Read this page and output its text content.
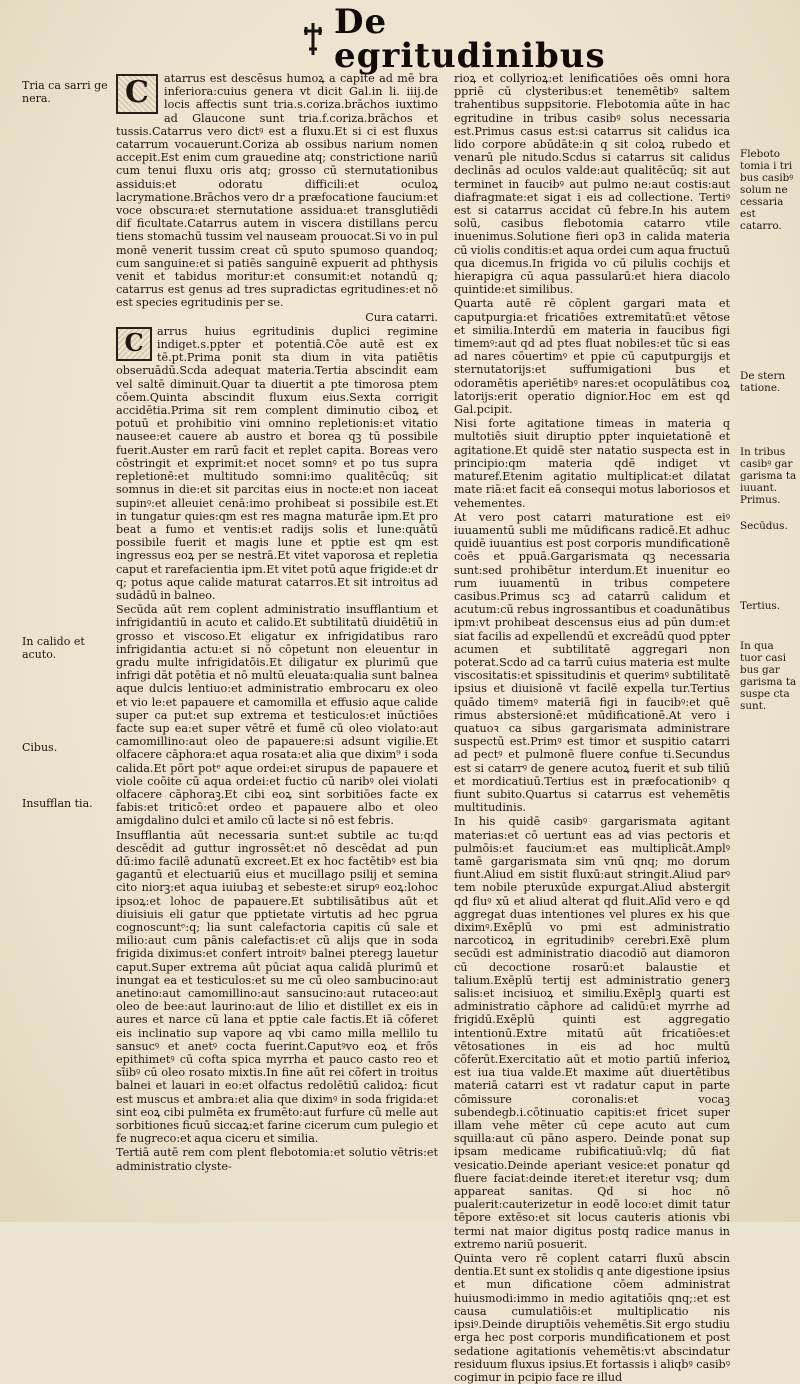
De egritudinibus
Tria ca sarri ge nera.
In calido et acuto.
Cibus.
Insufflan tia.
Fleboto tomia i tri bus casibꝰ solum ne cessaria est catarro.
De stern tatione.
In tribus casibꝰ gar garisma ta iuuant. Primus.
Secūdus.
Tertius.
In qua tuor casi bus gar garisma ta suspe cta sunt.
C	atarrus est descēsus humoꝝ a capite ad mē bra inferiora:cuius genera vt dicit Gal.in li. iiij.de locis affectis sunt tria.s.coriza.brāchos iuxtimo ad Glaucone sunt tria.f.coriza.brāchos et tussis.Catarrus vero dictꝰ est a fluxu.Et si ci est fluxus catarrum vocauerunt.Coriza ab ossibus narium nomen accepit.Est enim cum grauedine atq; constrictione nariū cum tenui fluxu oris atq; grosso cū sternutationibus assiduis:et odoratu difficili:et oculoꝝ lacrymatione.Brāchos vero dr a præfocatione faucium:et voce obscura:et sternutatione assidua:et transglutiēdi dif ficultate.Catarrus autem in viscera distillans percu tiens stomachū tussim vel nauseam prouocat.Si vo in pul monē venerit tussim creat cū sputo spumoso quandoq; cum sanguine:et si patiēs sanguinē expuerit ad phthysis venit et tabidus moritur:et consumit:et notandū q; catarrus est genus ad tres supradictas egritudines:et nō est species egritudinis per se.

Cura catarri.

C	arrus huius egritudinis duplici regimine indiget.s.ppter et potentiā.Cōe autē est ex tē.pt.Prima ponit sta dium in vita patiētis obseruādū.Scda adequat materia.Tertia abscindit eam vel saltē diminuit.Quar ta diuertit a pte timorosa ptem cōem.Quinta abscindit fluxum eius.Sexta corrigit accidētia.Prima sit rem complent diminutio ciboꝝ et potuū et prohibitio vini omnino repletionis:et vitatio nausee:et cauere ab austro et borea qꝫ tū possibile fuerit.Auster em rarū facit et replet capita. Boreas vero cōstringit et exprimit:et nocet somnꝰ et po tus supra repletionē:et multitudo somni:imo qualitēcūq; sit somnus in die:et sit parcitas eius in nocte:et non iaceat supinꝰ:et alleuiet cenā:imo prohibeat si possibile est.Et in tungatur quies:qm est res magna maturāe ipm.Et pro beat a fumo et ventis:et radijs solis et lune:quātū possibile fuerit et magis lune et pptie est qm est ingressus eoꝝ per se nestrā.Et vitet vaporosa et repletia caput et rarefacientia ipm.Et vitet potū aque frigide:et dr q; potus aque calide maturat catarros.Et sit introitus ad sudādū in balneo.

Secūda aūt rem coplent administratio insufflantium et infrigidantiū in acuto et calido.Et subtilitatū diuidētiū in grosso et viscoso.Et eligatur ex infrigidatibus raro infrigidantia actu:et si nō cōpetunt non eleuentur in gradu multe infrigidatōis.Et diligatur ex plurimū que infrigi dāt potētia et nō multū eleuata:qualia sunt balnea aque dulcis lentiuo:et administratio embrocaru ex oleo et vio le:et papauere et camomilla et effusio aque calide super ca put:et sup extrema et testiculos:et inūctiōes facte sup ea:et super vētrē et fumē cū oleo violato:aut camomillino:aut oleo de papauere:si adsunt vigilie.Et olfacere cāphora:et aqua rosata:et alia que dixim⁹ i soda calida.Et pōrt potᵉ aque ordei:et sirupus de papauere et viole coōite cū aqua ordei:et fuctio cū naribꝰ olei violati olfacere cāphoraꝫ.Et cibi eoꝝ sint sorbitiōes facte ex fabis:et triticō:et ordeo et papauere albo et oleo amigdalino dulci et amilo cū lacte si nō est febris.

Insufflantia aūt necessaria sunt:et subtile ac tu:qd descēdit ad guttur ingrossēt:et nō descēdat ad pun dū:imo facilē adunatū excreet.Et ex hoc factētibꝰ est bia gagantū et electuariū eius et mucillago psilij et semina cito niorꝫ:et aqua iuiubaꝫ et sebeste:et sirupꝰ eoꝝ:lohoc ipsoꝝ:et lohoc de papauere.Et subtilisātibus aūt et diuisiuis eli gatur que pptietate virtutis ad hec pgrua cognoscuntᵉ:q; lia sunt calefactoria capitis cū sale et milio:aut cum pānis calefactis:et cū alijs que in soda frigida diximus:et confert introitꝰ balnei pteregꝫ lauetur caput.Super extrema aūt pūciat aqua calidā plurimū et inungat ea et testiculos:et su me cū oleo sambucino:aut anetino:aut camomillino:aut sansucino:aut rutaceo:aut oleo de bee:aut laurino:aut de lilio et distillet ex eis in aures et narce cū lana et pptie cale factis.Et iā cōferet eis inclinatio sup vapore aq vbi camo milla mellilo tu sansucꝰ et anetꝰ cocta fuerint.Caputꝰvo eoꝝ et frōs epithimetꝰ cū cofta spica myrrha et pauco casto reo et sīibꝰ cū oleo rosato mixtis.In fine aūt rei cōfert in troitus balnei et lauari in eo:et olfactus redolētiū calidoꝝ: ficut est muscus et ambra:et alia que diximꝰ in soda frigida:et sint eoꝝ cibi pulmēta ex frumēto:aut furfure cū melle aut sorbitiones ficuū siccaꝝ:et farine cicerum cum pulegio et fe nugreco:et aqua ciceru et similia.

Tertiā autē rem com plent flebotomia:et solutio vētris:et administratio clyste-

rioꝝ et collyrioꝝ:et lenificatiōes oēs omni hora ppriē cū clysteribus:et tenemētibꝰ saltem trahentibus suppsitorie. Flebotomia aūte in hac egritudine in tribus casibꝰ solus necessaria est.Primus casus est:si catarrus sit calidus ica lido corpore abūdāte:in q sit coloꝝ rubedo et venarū ple nitudo.Scdus si catarrus sit calidus declinās ad oculos valde:aut qualitēcūq; sit aut terminet in faucibꝰ aut pulmo ne:aut costis:aut diafragmate:et sigat i eis ad collectione. Tertiꝰ est si catarrus accidat cū febre.In his autem solū, casibus flebotomia catarro vtile inuenimus.Solutione fieri op3 in calida materia cū violis conditis:et aqua ordei cum aqua fructuū qua dicemus.In frigida vo cū pilulis cochijs et hierapigra cū aqua passularū:et hiera diacolo quintide:et similibus.

Quarta autē rē cōplent gargari mata et caputpurgia:et fricatiōes extremitatū:et vētose et similia.Interdū em materia in faucibus figi timemꝰ:aut qd ad ptes fluat nobiles:et tūc si eas ad nares cōuertimꝰ et ppie cū caputpurgijs et sternutatorijs:et suffumigationi bus et odoramētis aperiētibꝰ nares:et ocopulātibus coꝝ latorijs:erit operatio dignior.Hoc em est qd Gal.pcipit.

Nisi forte agitatione timeas in materia q multotiēs siuit diruptio ppter inquietationē et agitatione.Et quidē ster natatio suspecta est in principio:qm materia qdē indiget vt maturef.Etenim agitatio multiplicat:et dilatat mate riā:et facit eā consequi motus laboriosos et vehementes.

At vero post catarri maturatione est eiꝰ iuuamentū subli me mūdificans radicē.Et adhuc quidē iuuantius est post corporis mundificationē coēs et ppuā.Gargarismata qꝫ necessaria sunt:sed prohibētur interdum.Et inuenitur eo rum iuuamentū in tribus competere casibus.Primus scꝫ ad catarrū calidum et acutum:cū rebus ingrossantibus et coadunātibus ipm:vt prohibeat descensus eius ad pūn dum:et siat facilis ad expellendū et excreādū quod ppter acumen et subtilitatē aggregari non poterat.Scdo ad ca tarrū cuius materia est multe viscositatis:et spissitudinis et querimꝰ subtilitatē ipsius et diuisionē vt facilē expella tur.Tertius quādo timemꝰ materiā figi in faucibꝰ:et quē rimus abstersionē:et mūdificationē.At vero i quatuoꝛ ca sibus gargarismata administrare suspectū est.Primꝰ est timor et suspitio catarri ad pectꝰ et pulmonē fluere confue ti.Secundus est si catarrꝰ de genere acutoꝝ fuerit et sub tiliū et mordicatiuū.Tertius est in præfocationibꝰ q fiunt subito.Quartus si catarrus est vehemētis multitudinis.

In his quidē casibꝰ gargarismata agitant materias:et cō uertunt eas ad vias pectoris et pulmōis:et faucium:et eas multiplicāt.Amplꝰ tamē gargarismata sim vnū qnq; mo dorum fiunt.Aliud em sistit fluxū:aut stringit.Aliud parꝰ tem nobile pteruxūde expurgat.Aliud abstergit qd fluꝰ xū et aliud alterat qd fluit.Alīd vero e qd aggregat duas intentiones vel plures ex his que diximꝰ.Exēplū vo pmi est administratio narcoticoꝝ in egritudinibꝰ cerebri.Exē plum secūdi est administratio diacodiō aut diamoron cū decoctione rosarū:et balaustie et talium.Exēplū tertij est administratio generꝫ salis:et incisiuoꝝ et similiu.Exēplꝫ quarti est administratio cāphore ad calidū:et myrrhe ad frigidū.Exēplū quinti est aggregatio intentionū.Extre mitatū aūt fricatiōes:et vētosationes in eis ad hoc multū cōferūt.Exercitatio aūt et motio partiū inferioꝝ est iua tiua valde.Et maxime aūt diuertētibus materiā catarri est vt radatur caput in parte cōmissure coronalis:et vocaꝫ subendegb.i.cōtinuatio capitis:et fricet super illam vehe mēter cū cepe acuto aut cum squilla:aut cū pāno aspero. Deinde ponat sup ipsam medicame rubificatiuū:vlq; dū fiat vesicatio.Deinde aperiant vesice:et ponatur qd fluere faciat:deinde iteret:et iteretur vsq; dum appareat sanitas. Qd si hoc nō pualerit:cauterizetur in eodē loco:et dimit tatur tēpore extēso:et sit locus cauteris ationis vbi termi nat maior digitus postq radice manus in extremo nariū posuerit.

Quinta vero rē coplent catarri fluxū abscin dentia.Et sunt ex stolidis q ante digestione ipsius et mun dificatione cōem administrat huiusmodi:immo in medio agitatiōis qnq;:et est causa cumulatiōis:et multiplicatio nis ipsiꝰ.Deinde diruptiōis vehemētis.Sit ergo studiu erga hec post corporis mundificationem et post sedatione agitationis vehemētis:vt abscindatur residuum fluxus ipsius.Et fortassis i aliqbꝰ casibꝰ cogimur in pcipio face re illud
